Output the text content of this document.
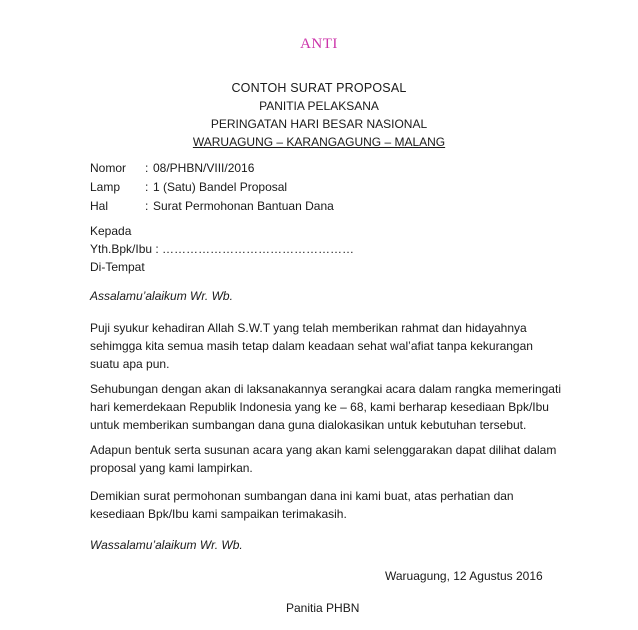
ANTI
CONTOH SURAT PROPOSAL
PANITIA PELAKSANA
PERINGATAN HARI BESAR NASIONAL
WARUAGUNG – KARANGAGUNG – MALANG
Nomor : 08/PHBN/VIII/2016
Lamp : 1 (Satu) Bandel Proposal
Hal	: Surat Permohonan Bantuan Dana
Kepada
Yth.Bpk/Ibu : …………………………………………
Di-Tempat
Assalamu’alaikum Wr. Wb.
Puji syukur kehadiran Allah S.W.T yang telah memberikan rahmat dan hidayahnya
sehimgga kita semua masih tetap dalam keadaan sehat wal’afiat tanpa kekurangan
suatu apa pun.
Sehubungan dengan akan di laksanakannya serangkai acara dalam rangka memeringati
hari kemerdekaan Republik Indonesia yang ke – 68, kami berharap kesediaan Bpk/Ibu
untuk memberikan sumbangan dana guna dialokasikan untuk kebutuhan tersebut.
Adapun bentuk serta susunan acara yang akan kami selenggarakan dapat dilihat dalam
proposal yang kami lampirkan.
Demikian surat permohonan sumbangan dana ini kami buat, atas perhatian dan
kesediaan Bpk/Ibu kami sampaikan terimakasih.
Wassalamu’alaikum Wr. Wb.
Waruagung, 12 Agustus 2016
Panitia PHBN
